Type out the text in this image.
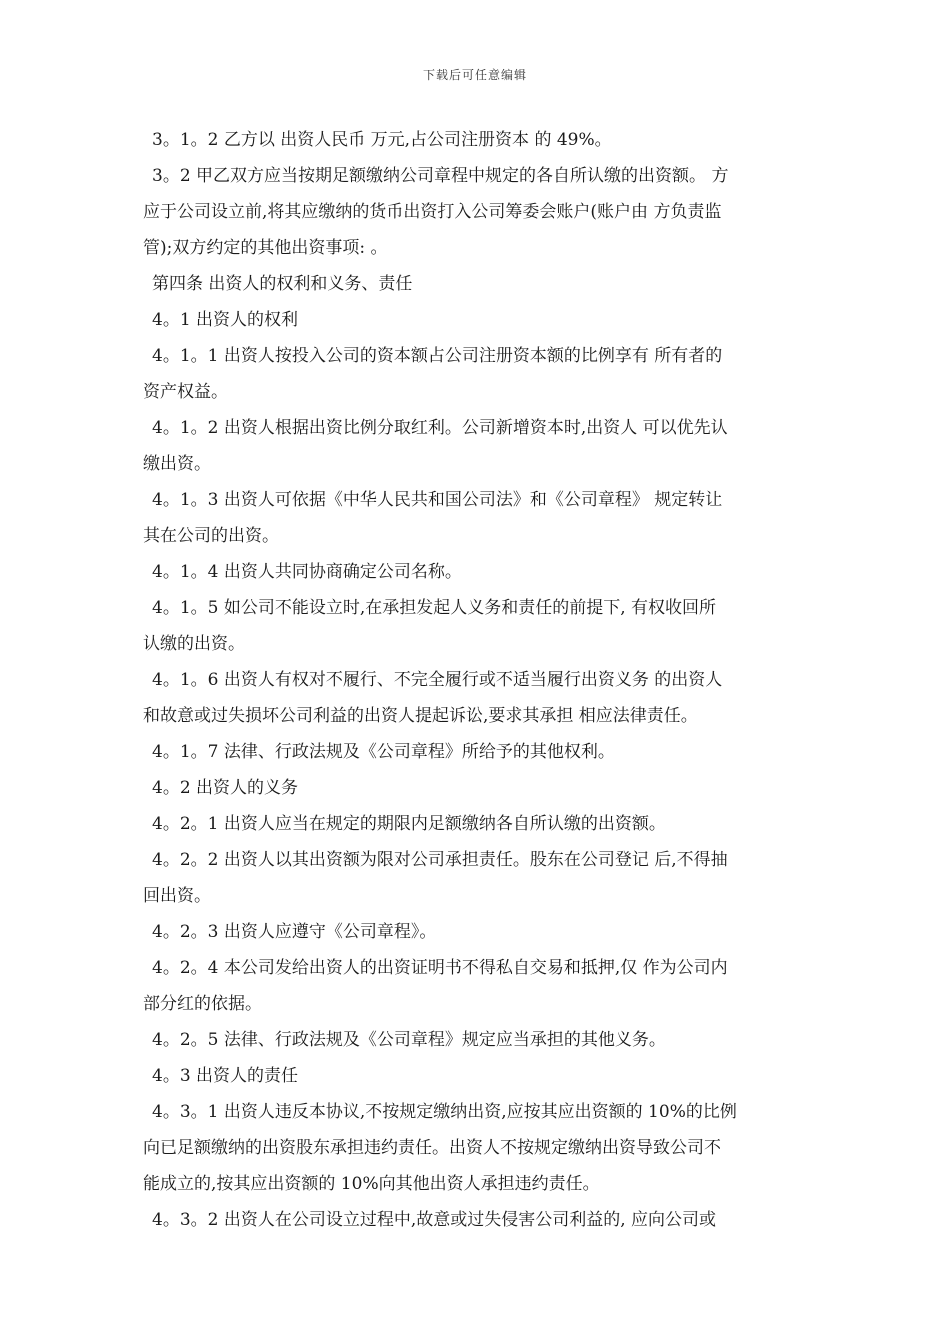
下载后可任意编辑
3。1。2 乙方以 出资人民币 万元,占公司注册资本 的 49%。
3。2 甲乙双方应当按期足额缴纳公司章程中规定的各自所认缴的出资额。 方
应于公司设立前,将其应缴纳的货币出资打入公司筹委会账户(账户由 方负责监
管);双方约定的其他出资事项: 。
第四条 出资人的权利和义务、责任
4。1 出资人的权利
4。1。1 出资人按投入公司的资本额占公司注册资本额的比例享有 所有者的
资产权益。
4。1。2 出资人根据出资比例分取红利。公司新增资本时,出资人 可以优先认
缴出资。
4。1。3 出资人可依据《中华人民共和国公司法》和《公司章程》 规定转让
其在公司的出资。
4。1。4 出资人共同协商确定公司名称。
4。1。5 如公司不能设立时,在承担发起人义务和责任的前提下, 有权收回所
认缴的出资。
4。1。6 出资人有权对不履行、不完全履行或不适当履行出资义务 的出资人
和故意或过失损坏公司利益的出资人提起诉讼,要求其承担 相应法律责任。
4。1。7 法律、行政法规及《公司章程》所给予的其他权利。
4。2 出资人的义务
4。2。1 出资人应当在规定的期限内足额缴纳各自所认缴的出资额。
4。2。2 出资人以其出资额为限对公司承担责任。股东在公司登记 后,不得抽
回出资。
4。2。3 出资人应遵守《公司章程》。
4。2。4 本公司发给出资人的出资证明书不得私自交易和抵押,仅 作为公司内
部分红的依据。
4。2。5 法律、行政法规及《公司章程》规定应当承担的其他义务。
4。3 出资人的责任
4。3。1 出资人违反本协议,不按规定缴纳出资,应按其应出资额的 10%的比例
向已足额缴纳的出资股东承担违约责任。出资人不按规定缴纳出资导致公司不
能成立的,按其应出资额的 10%向其他出资人承担违约责任。
4。3。2 出资人在公司设立过程中,故意或过失侵害公司利益的, 应向公司或
